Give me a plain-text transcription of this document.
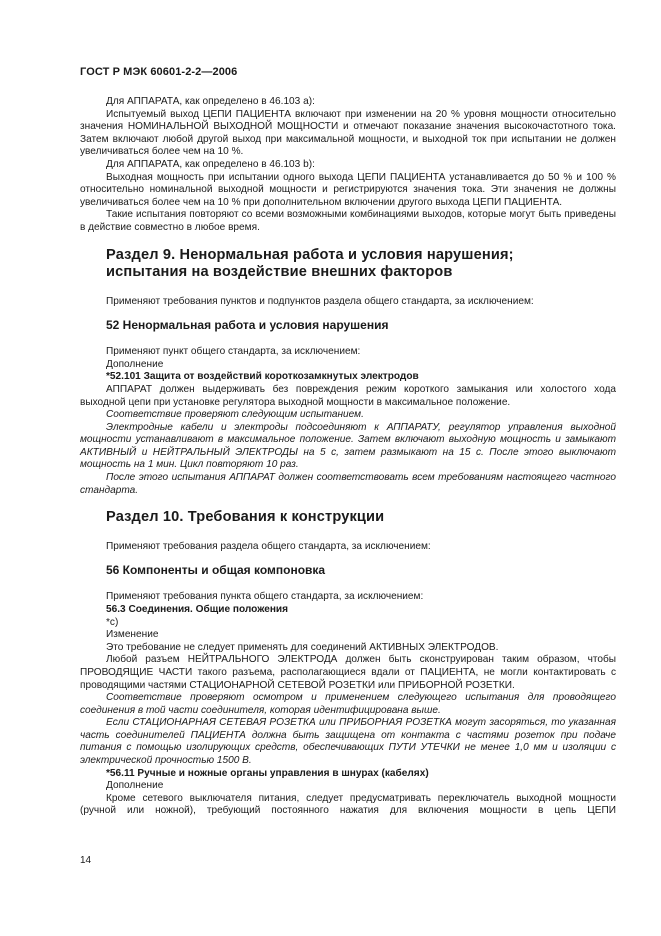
ГОСТ Р МЭК 60601-2-2—2006

Для АППАРАТА, как определено в 46.103 a):

Испытуемый выход ЦЕПИ ПАЦИЕНТА включают при изменении на 20 % уровня мощности относительно значения НОМИНАЛЬНОЙ ВЫХОДНОЙ МОЩНОСТИ и отмечают показание значения высокочастотного тока. Затем включают любой другой выход при максимальной мощности, и выходной ток при испытании не должен увеличиваться более чем на 10 %.

Для АППАРАТА, как определено в 46.103 b):

Выходная мощность при испытании одного выхода ЦЕПИ ПАЦИЕНТА устанавливается до 50 % и 100 % относительно номинальной выходной мощности и регистрируются значения тока. Эти значения не должны увеличиваться более чем на 10 % при дополнительном включении другого выхода ЦЕПИ ПАЦИЕНТА.

Такие испытания повторяют со всеми возможными комбинациями выходов, которые могут быть приведены в действие совместно в любое время.

Раздел 9. Ненормальная работа и условия нарушения;

испытания на воздействие внешних факторов

Применяют требования пунктов и подпунктов раздела общего стандарта, за исключением:

52 Ненормальная работа и условия нарушения

Применяют пункт общего стандарта, за исключением:

Дополнение

*52.101 Защита от воздействий короткозамкнутых электродов

АППАРАТ должен выдерживать без повреждения режим короткого замыкания или холостого хода выходной цепи при установке регулятора выходной мощности в максимальное положение.

Соответствие проверяют следующим испытанием.

Электродные кабели и электроды подсоединяют к АППАРАТУ, регулятор управления выходной мощности устанавливают в максимальное положение. Затем включают выходную мощность и замыкают АКТИВНЫЙ и НЕЙТРАЛЬНЫЙ ЭЛЕКТРОДЫ на 5 с, затем размыкают на 15 с. После этого выключают мощность на 1 мин. Цикл повторяют 10 раз.

После этого испытания АППАРАТ должен соответствовать всем требованиям настоящего частного стандарта.

Раздел 10. Требования к конструкции

Применяют требования раздела общего стандарта, за исключением:

56 Компоненты и общая компоновка

Применяют требования пункта общего стандарта, за исключением:

56.3 Соединения. Общие положения

*c)

Изменение

Это требование не следует применять для соединений АКТИВНЫХ ЭЛЕКТРОДОВ.

Любой разъем НЕЙТРАЛЬНОГО ЭЛЕКТРОДА должен быть сконструирован таким образом, чтобы ПРОВОДЯЩИЕ ЧАСТИ такого разъема, располагающиеся вдали от ПАЦИЕНТА, не могли контактировать с проводящими частями СТАЦИОНАРНОЙ СЕТЕВОЙ РОЗЕТКИ или ПРИБОРНОЙ РОЗЕТКИ.

Соответствие проверяют осмотром и применением следующего испытания для проводящего соединения в той части соединителя, которая идентифицирована выше.

Если СТАЦИОНАРНАЯ СЕТЕВАЯ РОЗЕТКА или ПРИБОРНАЯ РОЗЕТКА могут засоряться, то указанная часть соединителей ПАЦИЕНТА должна быть защищена от контакта с частями розеток при подаче питания с помощью изолирующих средств, обеспечивающих ПУТИ УТЕЧКИ не менее 1,0 мм и изоляции с электрической прочностью 1500 В.

*56.11 Ручные и ножные органы управления в шнурах (кабелях)

Дополнение

Кроме сетевого выключателя питания, следует предусматривать переключатель выходной мощности (ручной или ножной), требующий постоянного нажатия для включения мощности в цепь ЦЕПИ

14
